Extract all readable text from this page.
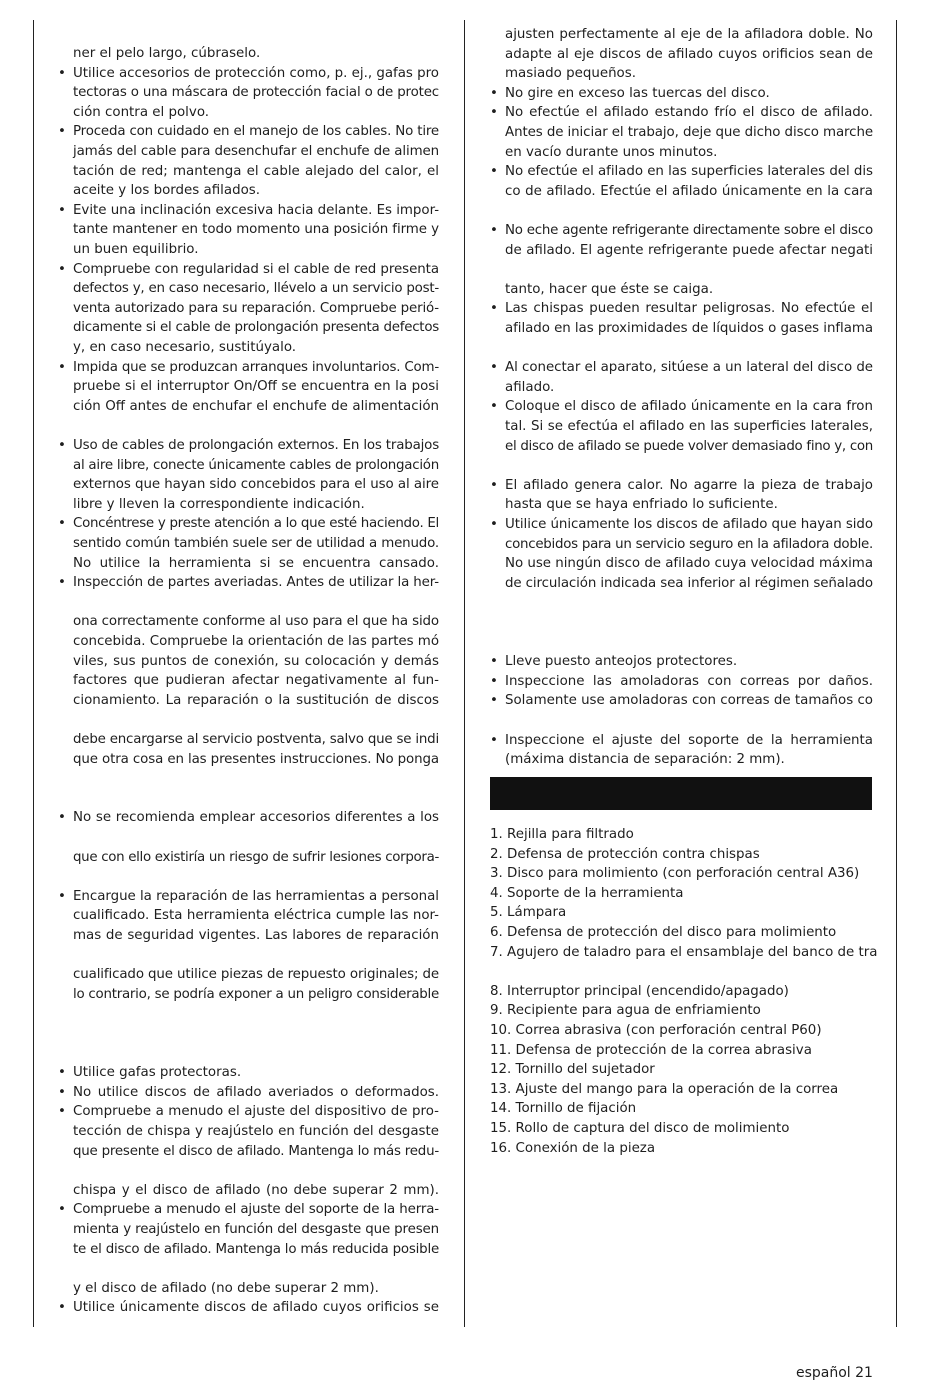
ner el pelo largo, cúbraselo.
• Utilice accesorios de protección como, p. ej., gafas pro
tectoras o una máscara de protección facial o de protec
ción contra el polvo.
• Proceda con cuidado en el manejo de los cables. No tire
jamás del cable para desenchufar el enchufe de alimen
tación de red; mantenga el cable alejado del calor, el
aceite y los bordes afilados.
• Evite una inclinación excesiva hacia delante. Es impor-
tante mantener en todo momento una posición firme y
un buen equilibrio.
• Compruebe con regularidad si el cable de red presenta
defectos y, en caso necesario, llévelo a un servicio post-
venta autorizado para su reparación. Compruebe perió-
dicamente si el cable de prolongación presenta defectos
y, en caso necesario, sustitúyalo.
• Impida que se produzcan arranques involuntarios. Com-
pruebe si el interruptor On/Off se encuentra en la posi
ción Off antes de enchufar el enchufe de alimentación
• Uso de cables de prolongación externos. En los trabajos
al aire libre, conecte únicamente cables de prolongación
externos que hayan sido concebidos para el uso al aire
libre y lleven la correspondiente indicación.
• Concéntrese y preste atención a lo que esté haciendo. El
sentido común también suele ser de utilidad a menudo.
No utilice la herramienta si se encuentra cansado.
• Inspección de partes averiadas. Antes de utilizar la her-
ona correctamente conforme al uso para el que ha sido
concebida. Compruebe la orientación de las partes mó
viles, sus puntos de conexión, su colocación y demás
factores que pudieran afectar negativamente al fun-
cionamiento. La reparación o la sustitución de discos
debe encargarse al servicio postventa, salvo que se indi
que otra cosa en las presentes instrucciones. No ponga
• No se recomienda emplear accesorios diferentes a los
que con ello existiría un riesgo de sufrir lesiones corpora-
• Encargue la reparación de las herramientas a personal
cualificado. Esta herramienta eléctrica cumple las nor-
mas de seguridad vigentes. Las labores de reparación
cualificado que utilice piezas de repuesto originales; de
lo contrario, se podría exponer a un peligro considerable
• Utilice gafas protectoras.
• No utilice discos de afilado averiados o deformados.
• Compruebe a menudo el ajuste del dispositivo de pro-
tección de chispa y reajústelo en función del desgaste
que presente el disco de afilado. Mantenga lo más redu-
chispa y el disco de afilado (no debe superar 2 mm).
• Compruebe a menudo el ajuste del soporte de la herra-
mienta y reajústelo en función del desgaste que presen
te el disco de afilado. Mantenga lo más reducida posible
y el disco de afilado (no debe superar 2 mm).
• Utilice únicamente discos de afilado cuyos orificios se
ajusten perfectamente al eje de la afiladora doble. No
adapte al eje discos de afilado cuyos orificios sean de
masiado pequeños.
• No gire en exceso las tuercas del disco.
• No efectúe el afilado estando frío el disco de afilado.
Antes de iniciar el trabajo, deje que dicho disco marche
en vacío durante unos minutos.
• No efectúe el afilado en las superficies laterales del dis
co de afilado. Efectúe el afilado únicamente en la cara
• No eche agente refrigerante directamente sobre el disco
de afilado. El agente refrigerante puede afectar negati
tanto, hacer que éste se caiga.
• Las chispas pueden resultar peligrosas. No efectúe el
afilado en las proximidades de líquidos o gases inflama
• Al conectar el aparato, sitúese a un lateral del disco de
afilado.
• Coloque el disco de afilado únicamente en la cara fron
tal. Si se efectúa el afilado en las superficies laterales,
el disco de afilado se puede volver demasiado fino y, con
• El afilado genera calor. No agarre la pieza de trabajo
hasta que se haya enfriado lo suficiente.
• Utilice únicamente los discos de afilado que hayan sido
concebidos para un servicio seguro en la afiladora doble.
No use ningún disco de afilado cuya velocidad máxima
de circulación indicada sea inferior al régimen señalado
• Lleve puesto anteojos protectores.
• Inspeccione las amoladoras con correas por daños.
• Solamente use amoladoras con correas de tamaños co
• Inspeccione el ajuste del soporte de la herramienta
(máxima distancia de separación: 2 mm).
1. Rejilla para filtrado
2. Defensa de protección contra chispas
3. Disco para molimiento (con perforación central A36)
4. Soporte de la herramienta
5. Lámpara
6. Defensa de protección del disco para molimiento
7. Agujero de taladro para el ensamblaje del banco de tra
8. Interruptor principal (encendido/apagado)
9. Recipiente para agua de enfriamiento
10. Correa abrasiva (con perforación central P60)
11. Defensa de protección de la correa abrasiva
12. Tornillo del sujetador
13. Ajuste del mango para la operación de la correa
14. Tornillo de fijación
15. Rollo de captura del disco de molimiento
16. Conexión de la pieza
español 21
